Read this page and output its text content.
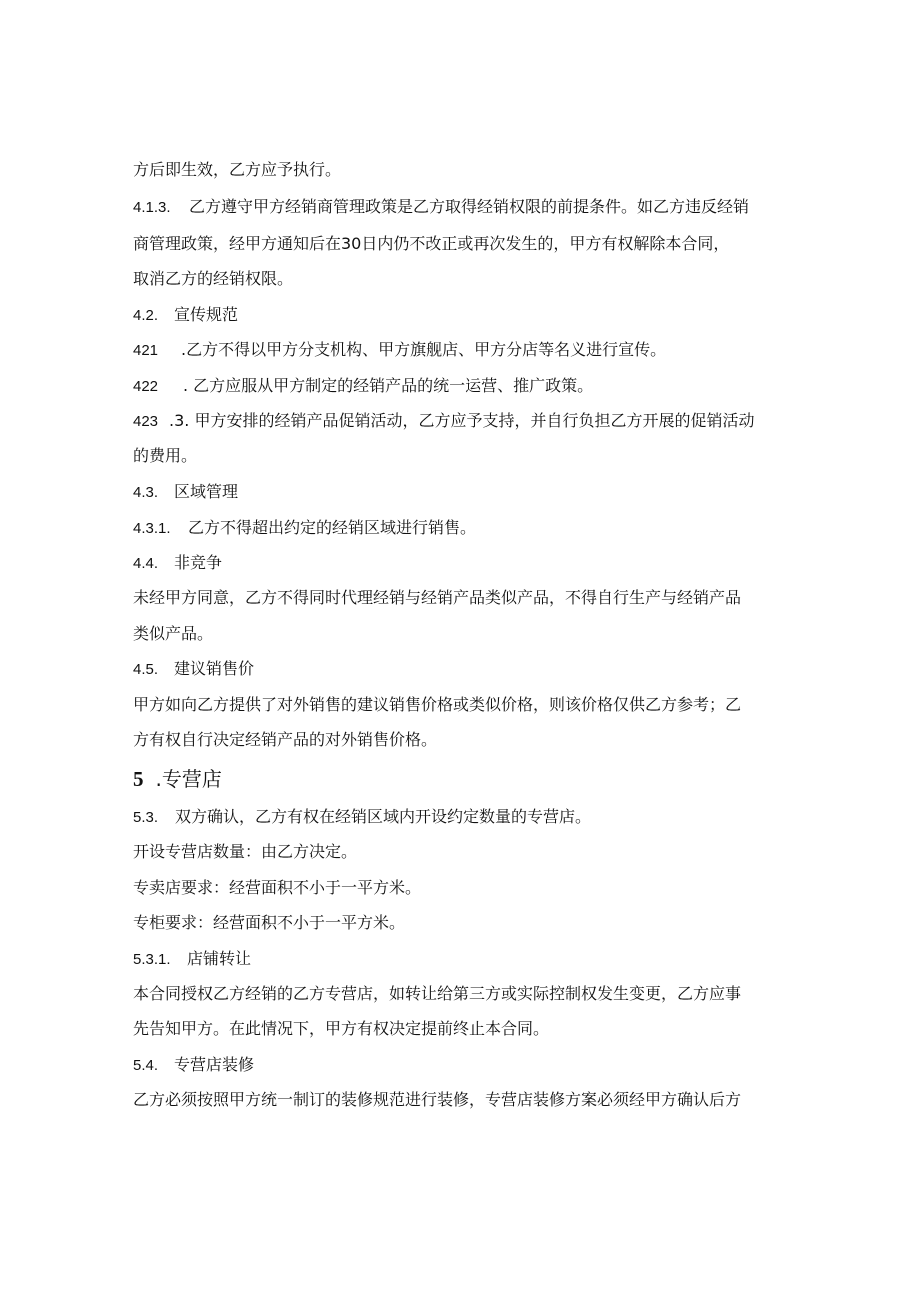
方后即生效，乙方应予执行。
4.1.3. 乙方遵守甲方经销商管理政策是乙方取得经销权限的前提条件。如乙方违反经销
商管理政策，经甲方通知后在30日内仍不改正或再次发生的，甲方有权解除本合同，
取消乙方的经销权限。
4.2. 宣传规范
421 .乙方不得以甲方分支机构、甲方旗舰店、甲方分店等名义进行宣传。
422 . 乙方应服从甲方制定的经销产品的统一运营、推广政策。
423 .3. 甲方安排的经销产品促销活动，乙方应予支持，并自行负担乙方开展的促销活动
的费用。
4.3. 区域管理
4.3.1. 乙方不得超出约定的经销区域进行销售。
4.4. 非竞争
未经甲方同意，乙方不得同时代理经销与经销产品类似产品，不得自行生产与经销产品
类似产品。
4.5. 建议销售价
甲方如向乙方提供了对外销售的建议销售价格或类似价格，则该价格仅供乙方参考；乙
方有权自行决定经销产品的对外销售价格。
5 .专营店
5.3. 双方确认，乙方有权在经销区域内开设约定数量的专营店。
开设专营店数量：由乙方决定。
专卖店要求：经营面积不小于一平方米。
专柜要求：经营面积不小于一平方米。
5.3.1. 店铺转让
本合同授权乙方经销的乙方专营店，如转让给第三方或实际控制权发生变更，乙方应事
先告知甲方。在此情况下，甲方有权决定提前终止本合同。
5.4. 专营店装修
乙方必须按照甲方统一制订的装修规范进行装修，专营店装修方案必须经甲方确认后方
